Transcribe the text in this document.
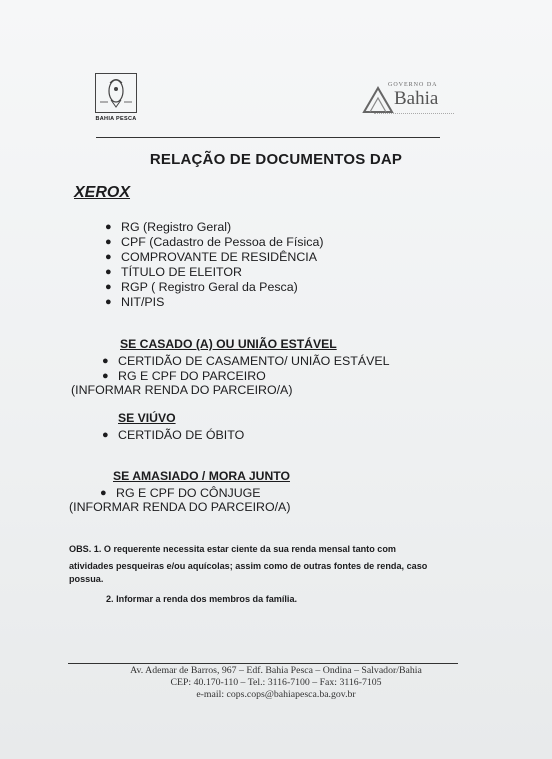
BAHIA PESCA
GOVERNO DA
Bahia
RELAÇÃO DE DOCUMENTOS DAP
XEROX
● RG (Registro Geral)
● CPF (Cadastro de Pessoa de Física)
● COMPROVANTE DE RESIDÊNCIA
● TÍTULO DE ELEITOR
● RGP ( Registro Geral da Pesca)
● NIT/PIS
SE CASADO (A) OU UNIÃO ESTÁVEL
● CERTIDÃO DE CASAMENTO/ UNIÃO ESTÁVEL
● RG E CPF DO PARCEIRO
(INFORMAR RENDA DO PARCEIRO/A)
SE VIÚVO
● CERTIDÃO DE ÓBITO
SE AMASIADO / MORA JUNTO
● RG E CPF DO CÔNJUGE
(INFORMAR RENDA DO PARCEIRO/A)
OBS. 1. O requerente necessita estar ciente da sua renda mensal tanto com
atividades pesqueiras e/ou aquícolas; assim como de outras fontes de renda, caso
possua.
2. Informar a renda dos membros da família.
Av. Ademar de Barros, 967 – Edf. Bahia Pesca – Ondina – Salvador/Bahia
CEP: 40.170-110 – Tel.: 3116-7100 – Fax: 3116-7105
e-mail: cops.cops@bahiapesca.ba.gov.br
